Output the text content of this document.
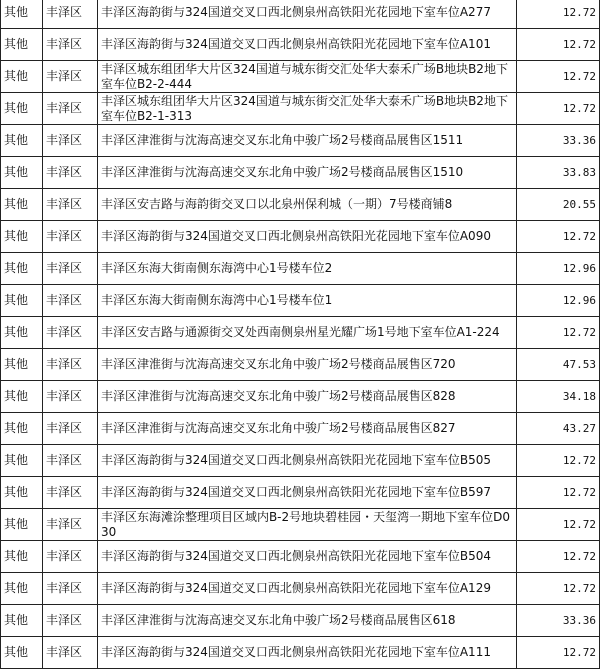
其他	丰泽区	丰泽区海韵街与324国道交叉口西北侧泉州高铁阳光花园地下室车位A277	12.72
其他	丰泽区	丰泽区海韵街与324国道交叉口西北侧泉州高铁阳光花园地下室车位A101	12.72
其他	丰泽区	丰泽区城东组团华大片区324国道与城东街交汇处华大泰禾广场B地块B2地下室车位B2-2-444	12.72
其他	丰泽区	丰泽区城东组团华大片区324国道与城东街交汇处华大泰禾广场B地块B2地下室车位B2-1-313	12.72
其他	丰泽区	丰泽区津淮街与沈海高速交叉东北角中骏广场2号楼商品展售区1511	33.36
其他	丰泽区	丰泽区津淮街与沈海高速交叉东北角中骏广场2号楼商品展售区1510	33.83
其他	丰泽区	丰泽区安吉路与海韵街交叉口以北泉州保利城（一期）7号楼商铺8	20.55
其他	丰泽区	丰泽区海韵街与324国道交叉口西北侧泉州高铁阳光花园地下室车位A090	12.72
其他	丰泽区	丰泽区东海大街南侧东海湾中心1号楼车位2	12.96
其他	丰泽区	丰泽区东海大街南侧东海湾中心1号楼车位1	12.96
其他	丰泽区	丰泽区安吉路与通源街交叉处西南侧泉州星光耀广场1号地下室车位A1-224	12.72
其他	丰泽区	丰泽区津淮街与沈海高速交叉东北角中骏广场2号楼商品展售区720	47.53
其他	丰泽区	丰泽区津淮街与沈海高速交叉东北角中骏广场2号楼商品展售区828	34.18
其他	丰泽区	丰泽区津淮街与沈海高速交叉东北角中骏广场2号楼商品展售区827	43.27
其他	丰泽区	丰泽区海韵街与324国道交叉口西北侧泉州高铁阳光花园地下室车位B505	12.72
其他	丰泽区	丰泽区海韵街与324国道交叉口西北侧泉州高铁阳光花园地下室车位B597	12.72
其他	丰泽区	丰泽区东海滩涂整理项目区域内B-2号地块碧桂园・天玺湾一期地下室车位D030	12.72
其他	丰泽区	丰泽区海韵街与324国道交叉口西北侧泉州高铁阳光花园地下室车位B504	12.72
其他	丰泽区	丰泽区海韵街与324国道交叉口西北侧泉州高铁阳光花园地下室车位A129	12.72
其他	丰泽区	丰泽区津淮街与沈海高速交叉东北角中骏广场2号楼商品展售区618	33.36
其他	丰泽区	丰泽区海韵街与324国道交叉口西北侧泉州高铁阳光花园地下室车位A111	12.72
